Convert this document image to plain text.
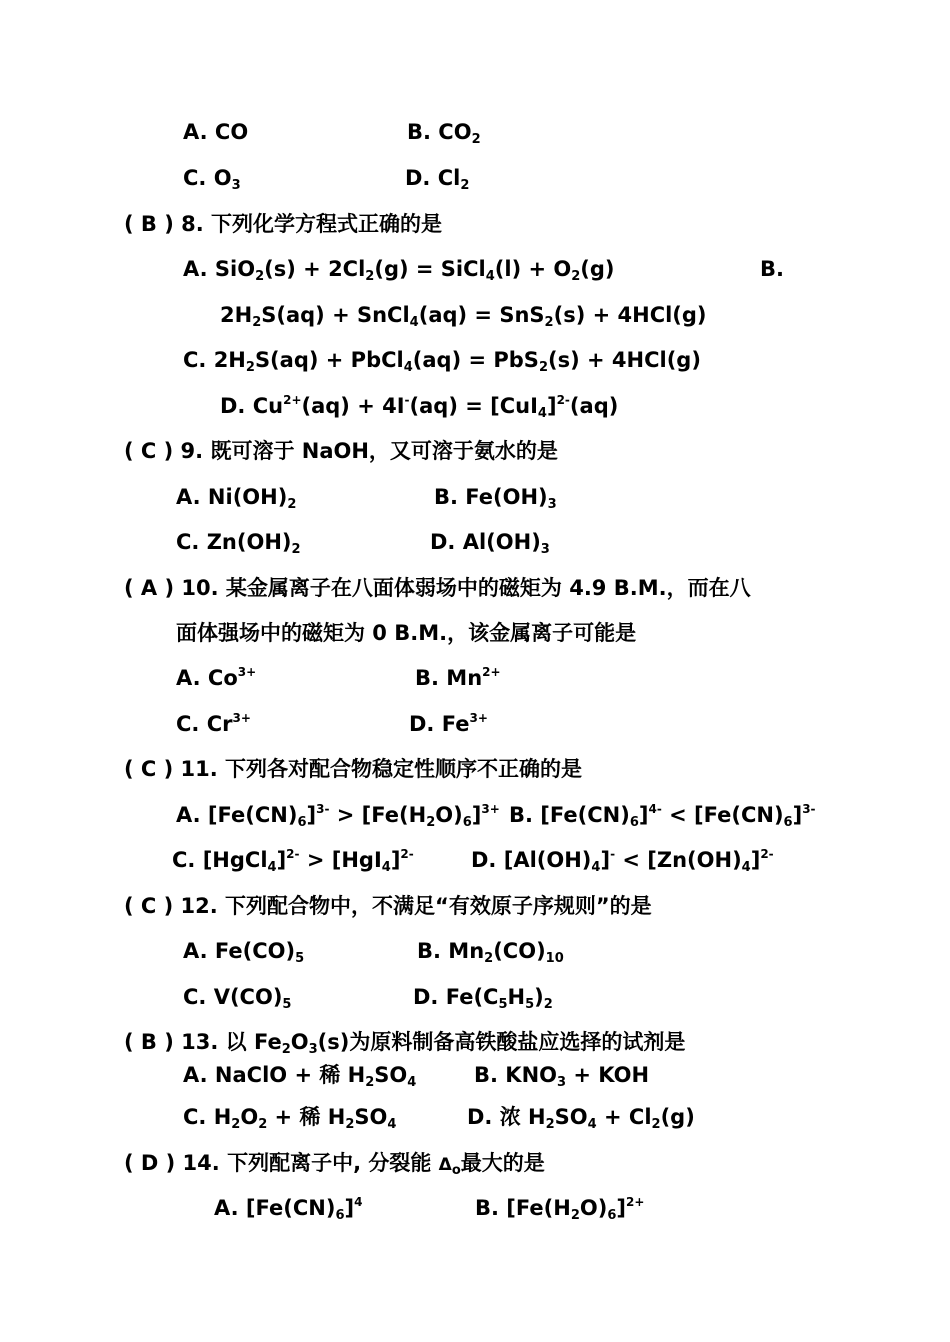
A. CO	B. $CO_2$
C. $O_3$	D. $Cl_2$
( B ) 8. 下列化学方程式正确的是
A. $SiO_2(s) + 2Cl_2(g)$ = SiCl$_4$(l) + $O_2(g)$	B.
$2H_2S(aq)$ + SnCl$_4$(aq) = SnS$_2$(s) + 4HCl(g)
C. $2H_2S(aq)$ + PbCl$_4$(aq) = PbS$_2$(s) + 4HCl(g)
D. $Cu^{2+}(aq) + 4I^-(aq) = [CuI_4]^{2-}(aq)$
( C ) 9. 既可溶于 NaOH，又可溶于氨水的是
A. $Ni(OH)_2$	B. $Fe(OH)_3$
C. $Zn(OH)_2$	D. $Al(OH)_3$
( A ) 10. 某金属离子在八面体弱场中的磁矩为 4.9 B.M.，而在八
面体强场中的磁矩为 0 B.M.，该金属离子可能是
A. $Co^{3+}$	B. $Mn^{2+}$
C. $Cr^{3+}$	D. $Fe^{3+}$
( C ) 11. 下列各对配合物稳定性顺序不正确的是
A. $[Fe(CN)_6]^{3-} > [Fe(H_2O)_6]^{3+}$ B. $[Fe(CN)_6]^{4-} < [Fe(CN)_6]^{3-}$
C. [HgCl$_4$]$^{2-}$ > $[HgI_4]^{2-}$	D. $[Al(OH)_4]^- < [Zn(OH)_4]^{2-}$
( C ) 12. 下列配合物中，不满足“有效原子序规则”的是
A. $Fe(CO)_5$	B. $Mn_2(CO)_{10}$
C. $V(CO)_5$	D. $Fe(C_5H_5)_2$
( B ) 13. 以 $Fe_2O_3(s)$为原料制备高铁酸盐应选择的试剂是
A. NaClO + 稀 $H_2SO_4$	B. $KNO_3$ + KOH
C. $H_2O_2$ + 稀 $H_2SO_4$	D. 浓 $H_2SO_4 + Cl_2(g)$
( D ) 14. 下列配离子中, 分裂能 $\Delta_o$最大的是
A. $[Fe(CN)_6]^4$	B. $[Fe(H_2O)_6]^{2+}$
